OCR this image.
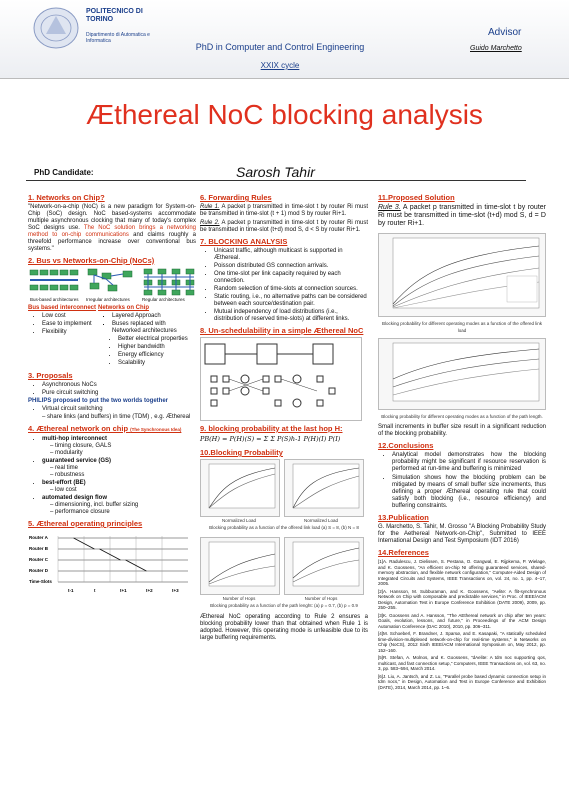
POLITECNICO DI TORINO
Dipartimento di Automatica e Informatica
PhD in Computer and Control Engineering
XXIX cycle
Advisor
Guido Marchetto
Æthereal NoC blocking analysis
PhD Candidate:	Sarosh Tahir
1. Networks on Chip?
"Network-on-a-chip (NoC) is a new paradigm for System-on-Chip (SoC) design. NoC based-systems accommodate multiple asynchronous clocking that many of today's complex SoC designs use. The NoC solution brings a networking method to on-chip communications and claims roughly a threefold performance increase over conventional bus systems."
2. Bus vs Networks-on-Chip (NoCs)
Bus-based architectures	Irregular architectures	Regular architectures
Bus based interconnect
• Low cost
• Ease to implement
• Flexibility
Networks on Chip
▪ Layered Approach
▪ Buses replaced with Networked architectures
• Better electrical properties
• Higher bandwidth
• Energy efficiency
• Scalability
3. Proposals
• Asynchronous NoCs
• Pure circuit switching
PHILIPS proposed to put the two worlds together
• Virtual circuit switching
– share links (and buffers) in time (TDM) , e.g. Æthereal
4. Æthereal network on chip (The Synchronous Idea)
• multi-hop interconnect
– timing closure, GALS
– modularity
• guaranteed service (GS)
– real time
– robustness
• best-effort (BE)
– low cost
• automated design flow
– dimensioning, incl. buffer sizing
– performance closure
5. Æthereal operating principles
Router A
Router B
Router C
Router D
Time-Slots
t-1	t	t+1	t+2	t+3
6. Forwarding Rules
Rule 1. A packet p transmitted in time-slot t by router Ri must be transmitted in time-slot (t + 1) mod S by router Ri+1.
Rule 2. A packet p transmitted in time-slot t by router Ri must be transmitted in time-slot (t+d) mod S, d < S by router Ri+1.
7. BLOCKING ANALYSIS
• Unicast traffic, although multicast is supported in Æthereal.
• Poisson distributed GS connection arrivals.
• One time-slot per link capacity required by each connection.
• Random selection of time-slots at connection sources.
• Static routing, i.e., no alternative paths can be considered between each source/destination pair.
• Mutual independency of load distributions (i.e., distribution of reserved time-slots) at different links.
8. Un-schedulability in a simple Æthereal NoC
9. blocking probability at the last hop H:
PB(H) = P(H)(S) = Σ Σ P(S)h-1 P(H)(I) P(I)
10.Blocking Probability
Normalized Load	Normalized Load
Blocking probability as a function of the offered link load (a) S = 8, (b) N = 8
Number of Hops	Number of Hops
Blocking probability as a function of the path lenght: (a) p = 0.7, (b) p = 0.9
Æthereal NoC operating according to Rule 2 ensures a blocking probability lower than that obtained when Rule 1 is adopted. However, this operating mode is unfeasible due to its large buffering requirements.
11.Proposed Solution
Rule 3. A packet p transmitted in time-slot t by router Ri must be transmitted in time-slot (t+d) mod S, d = D by router Ri+1.
Blocking probability for different operating modes as a function of the offered link load
Blocking probability for different operating modes as a function of the path length.
Small increments in buffer size result in a significant reduction of the blocking probability.
12.Conclusions
• Analytical model demonstrates how the blocking probability might be significant if resource reservation is performed at run-time and buffering is minimized
• Simulation shows how the blocking problem can be mitigated by means of small buffer size increments, thus defining a proper Æthereal operating rule that could satisfy both blocking (i.e., resource efficiency) and buffering constraints.
13.Publication
G. Marchetto, S. Tahir, M. Grosso "A Blocking Probability Study for the Aethereal Network-on-Chip", Submitted to IEEE International Design and Test Symposium (IDT 2016)
14.References
[1]A. Radulescu, J. Dielissen, S. Pestana, O. Gangwal, E. Rijpkema, P. Wielage, and K. Goossens, "An efficient on-chip NI offering guaranteed services, shared-memory abstraction, and flexible network configuration," Computer-Aided Design of Integrated Circuits and Systems, IEEE Transactions on, vol. 24, no. 1, pp. 4–17, 2005.
[2]A. Hansson, M. Subburaman, and K. Goossens, "Aelite: A flit-synchronous Network on Chip with composable and predictable services," in Proc. of IEEE/ACM Design, Automation Test in Europe Conference Exhibition (DATE 2009), 2009, pp. 250–255.
[3]K. Goossens and A. Hansson, "The AEthereal network on chip after ten years: Goals, evolution, lessons, and future," in Proceedings of the ACM Design Automation Conference (DAC 2010), 2010, pp. 306–311.
[4]M. Schoeberl, F. Brandner, J. Sparsø, and E. Kasapaki, "A statically scheduled time-division-multiplexed network-on-chip for real-time systems," in Networks on Chip (NoCS), 2012 Sixth IEEE/ACM International Symposium on, May 2012, pp. 152–160.
[5]R. Stefan, A. Molnos, and K. Goossens, "dAelite: A tdm noc supporting qos, multicast, and fast connection setup," Computers, IEEE Transactions on, vol. 63, no. 3, pp. 583–594, March 2014.
[6]J. Liu, A. Jantsch, and Z. Lu, "Parallel probe based dynamic connection setup in tdm nocs," in Design, Automation and Test in Europe Conference and Exhibition (DATE), 2014, March 2014, pp. 1–6.
